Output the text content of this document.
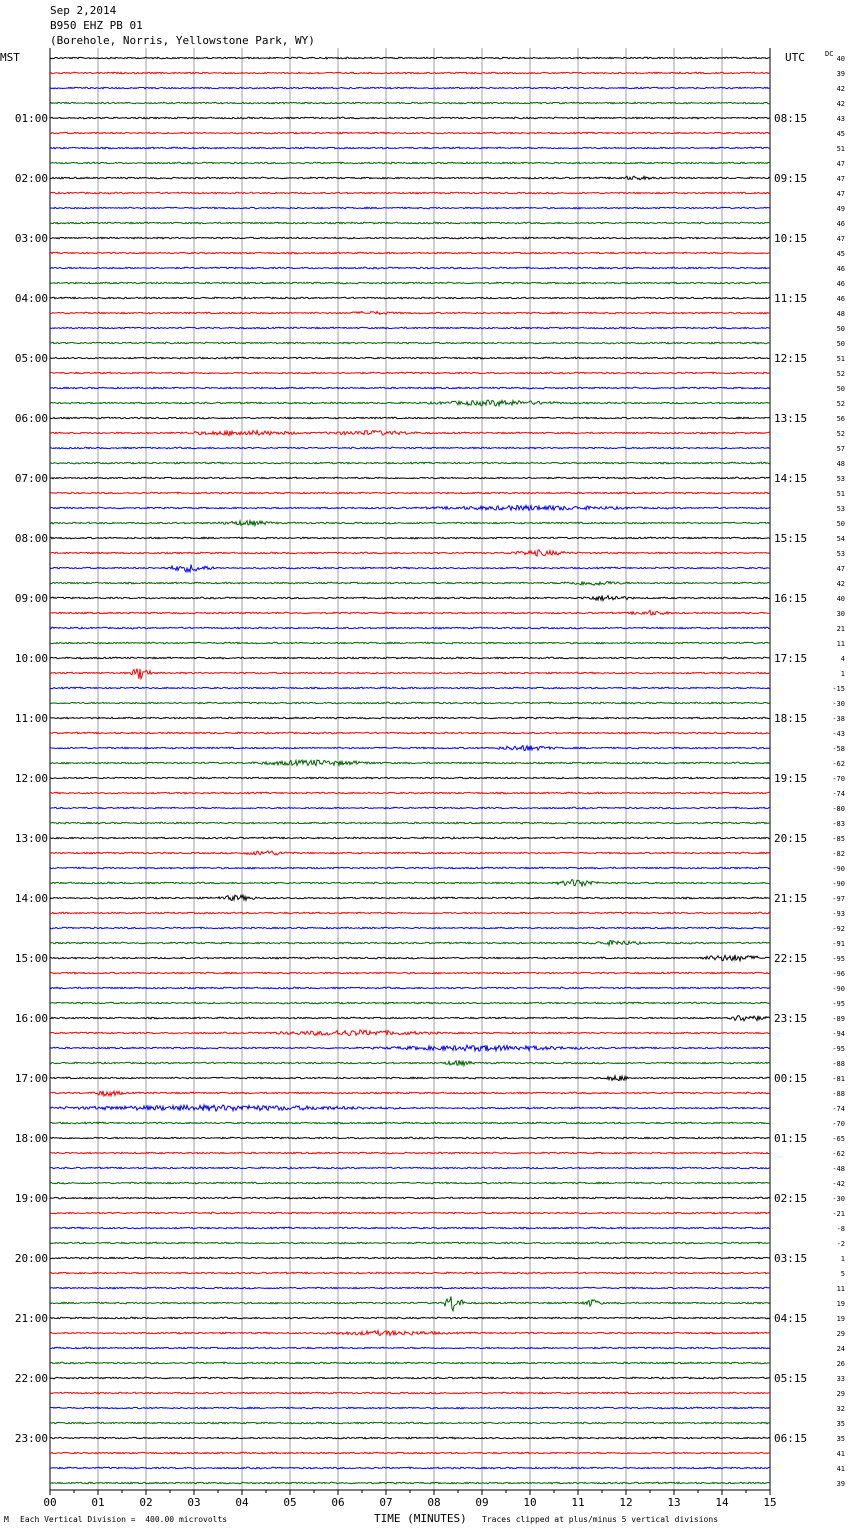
Sep 2,2014
B950 EHZ PB 01
(Borehole, Norris, Yellowstone Park, WY)
00	01	02	03	04	05	06	07	08	09	10	11	12	13	14	15
MST	UTC	DC
40
39
42
42
43
45
51
47
47
47
49
46
47
45
46
46
46
48
50
50
51
52
50
52
56
52
57
48
53
51
53
50
54
53
47
42
40
30
21
11
4
1
-15
-30
-38
-43
-58
-62
-70
-74
-80
-83
-85
-82
-90
-90
-97
-93
-92
-91
-95
-96
-90
-95
-89
-94
-95
-88
-81
-88
-74
-70
-65
-62
-48
-42
-30
-21
-8
-2
1
5
11
19
19
29
24
26
33
29
32
35
35
41
41
39
01:00
02:00
03:00
04:00
05:00
06:00
07:00
08:00
09:00
10:00
11:00
12:00
13:00
14:00
15:00
16:00
17:00
18:00
19:00
20:00
21:00
22:00
23:00
08:15
09:15
10:15
11:15
12:15
13:15
14:15
15:15
16:15
17:15
18:15
19:15
20:15
21:15
22:15
23:15
00:15
01:15
02:15
03:15
04:15
05:15
06:15
M Each Vertical Division =  400.00 microvolts	TIME (MINUTES) Traces clipped at plus/minus 5 vertical divisions
